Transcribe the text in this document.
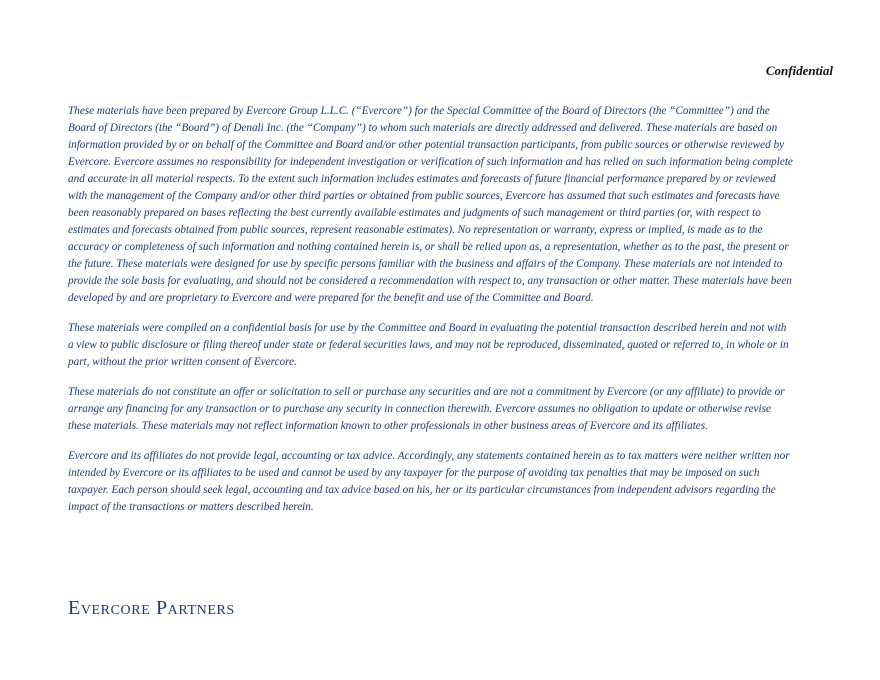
Confidential

These materials have been prepared by Evercore Group L.L.C. (“Evercore”) for the Special Committee of the Board of Directors (the “Committee”) and the Board of Directors (the “Board”) of Denali Inc. (the “Company”) to whom such materials are directly addressed and delivered. These materials are based on information provided by or on behalf of the Committee and Board and/or other potential transaction participants, from public sources or otherwise reviewed by Evercore. Evercore assumes no responsibility for independent investigation or verification of such information and has relied on such information being complete and accurate in all material respects. To the extent such information includes estimates and forecasts of future financial performance prepared by or reviewed with the management of the Company and/or other third parties or obtained from public sources, Evercore has assumed that such estimates and forecasts have been reasonably prepared on bases reflecting the best currently available estimates and judgments of such management or third parties (or, with respect to estimates and forecasts obtained from public sources, represent reasonable estimates). No representation or warranty, express or implied, is made as to the accuracy or completeness of such information and nothing contained herein is, or shall be relied upon as, a representation, whether as to the past, the present or the future. These materials were designed for use by specific persons familiar with the business and affairs of the Company. These materials are not intended to provide the sole basis for evaluating, and should not be considered a recommendation with respect to, any transaction or other matter. These materials have been developed by and are proprietary to Evercore and were prepared for the benefit and use of the Committee and Board.

These materials were compiled on a confidential basis for use by the Committee and Board in evaluating the potential transaction described herein and not with a view to public disclosure or filing thereof under state or federal securities laws, and may not be reproduced, disseminated, quoted or referred to, in whole or in part, without the prior written consent of Evercore.

These materials do not constitute an offer or solicitation to sell or purchase any securities and are not a commitment by Evercore (or any affiliate) to provide or arrange any financing for any transaction or to purchase any security in connection therewith. Evercore assumes no obligation to update or otherwise revise these materials. These materials may not reflect information known to other professionals in other business areas of Evercore and its affiliates.

Evercore and its affiliates do not provide legal, accounting or tax advice. Accordingly, any statements contained herein as to tax matters were neither written nor intended by Evercore or its affiliates to be used and cannot be used by any taxpayer for the purpose of avoiding tax penalties that may be imposed on such taxpayer. Each person should seek legal, accounting and tax advice based on his, her or its particular circumstances from independent advisors regarding the impact of the transactions or matters described herein.

Evercore Partners
